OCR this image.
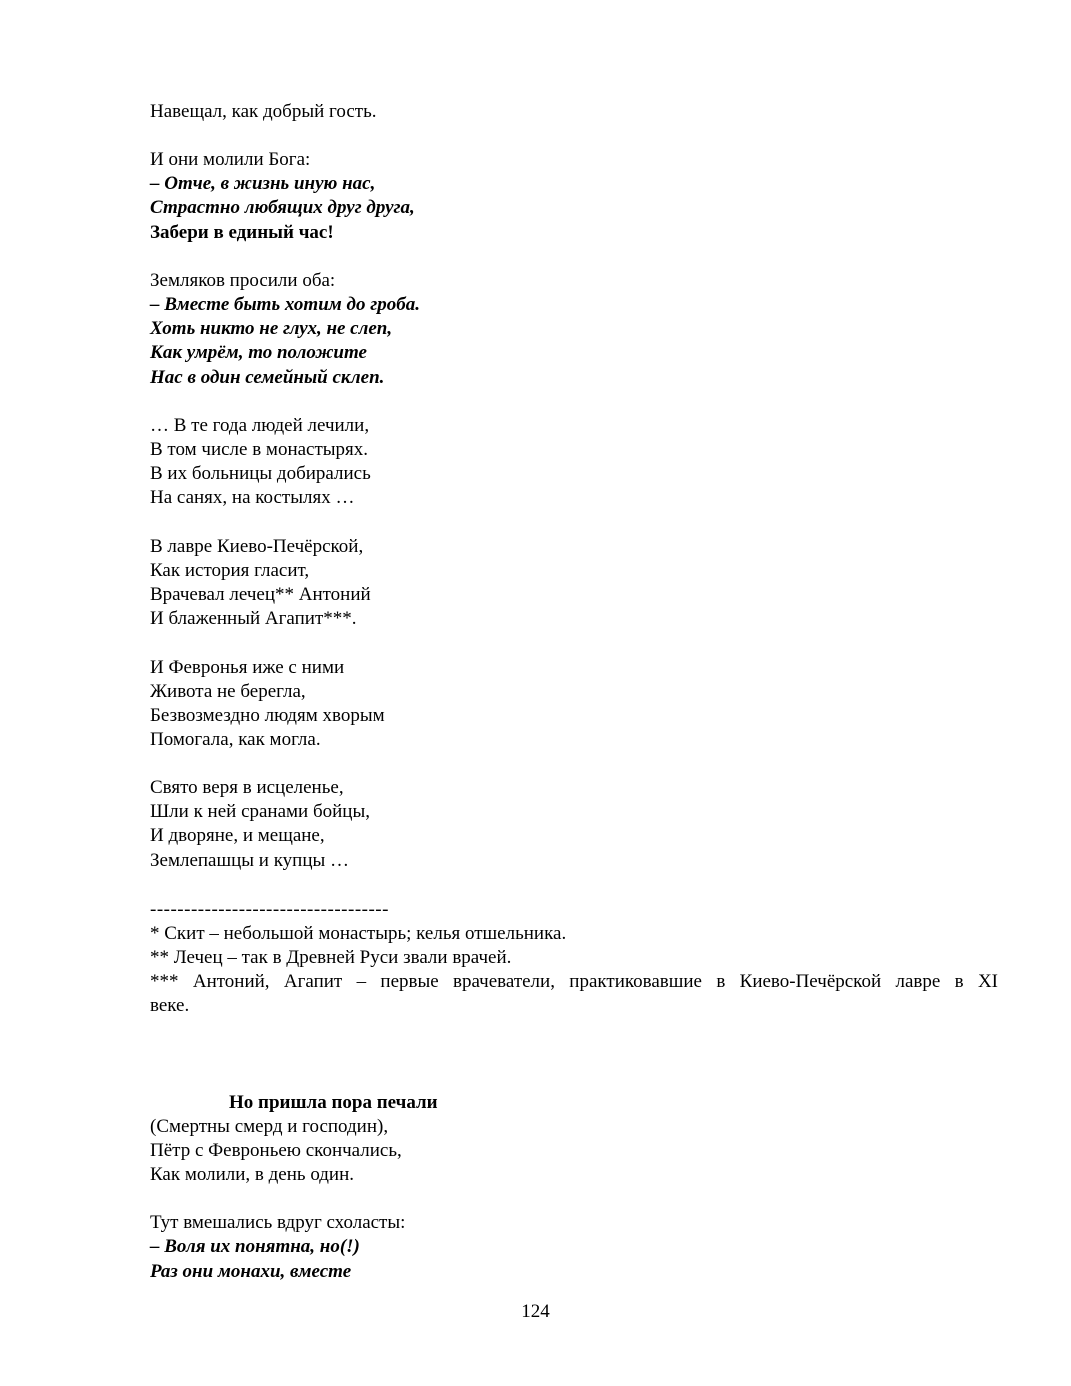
Навещал, как добрый гость.
И они молили Бога:
– Отче, в жизнь иную нас,
Страстно любящих друг друга,
Забери в единый час!
Земляков просили оба:
– Вместе быть хотим до гроба.
Хоть никто не глух, не слеп,
Как умрём, то положите
Нас в один семейный склеп.
… В те года людей лечили,
В том числе в монастырях.
В их больницы добирались
На санях, на костылях …
В лавре Киево-Печёрской,
Как история гласит,
Врачевал лечец** Антоний
И блаженный Агапит***.
И Февронья иже с ними
Живота не берегла,
Безвозмездно людям хворым
Помогала, как могла.
Свято веря в исцеленье,
Шли к ней сранами бойцы,
И дворяне, и мещане,
Землепашцы и купцы …
-----------------------------------
* Скит – небольшой монастырь; келья отшельника.
** Лечец – так в Древней Руси звали врачей.
*** Антоний, Агапит – первые врачеватели, практиковавшие в Киево-Печёрской лавре в XI
веке.
Но пришла пора печали
(Смертны смерд и господин),
Пётр с Февроньею скончались,
Как молили, в день один.
Тут вмешались вдруг схоласты:
– Воля их понятна, но(!)
Раз они монахи, вместе
124
